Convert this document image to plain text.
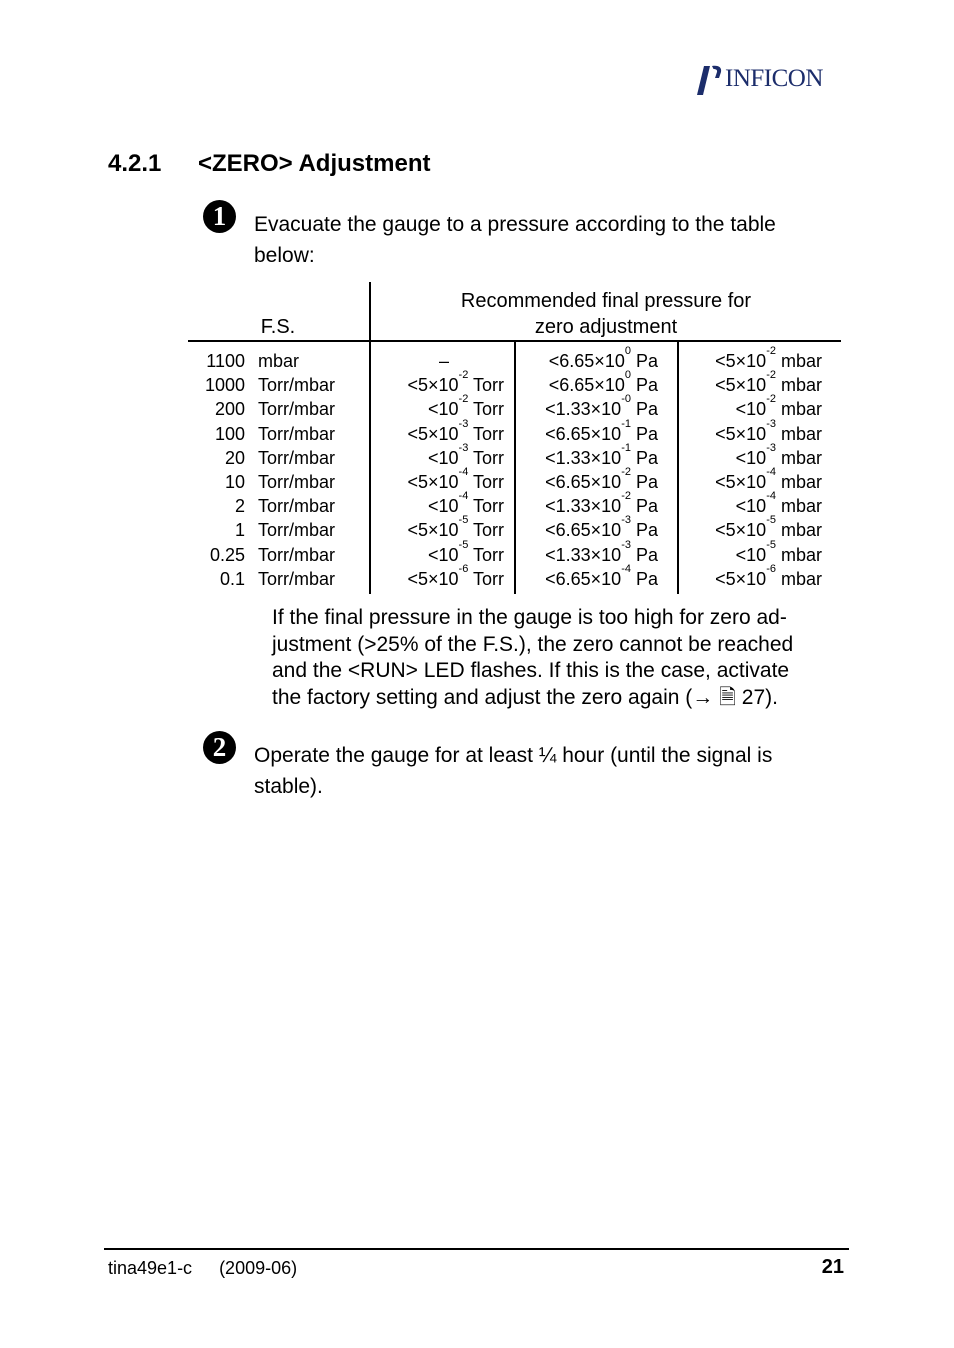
INFICON
4.2.1 <ZERO> Adjustment
1 Evacuate the gauge to a pressure according to the table below:
F.S.
Recommended final pressure for
zero adjustment
1100 mbar	–	$<6.65\times 10^0$ Pa	$<5\times 10^{-2}$ mbar
1000 Torr/mbar	$<5\times 10^{-2}$ Torr	$<6.65\times 10^0$ Pa	$<5\times 10^{-2}$ mbar
200 Torr/mbar	$<10^{-2}$ Torr	$<1.33\times 10^{-0}$ Pa	$<10^{-2}$ mbar
100 Torr/mbar	$<5\times 10^{-3}$ Torr	$<6.65\times 10^{-1}$ Pa	$<5\times 10^{-3}$ mbar
20 Torr/mbar	$<10^{-3}$ Torr	$<1.33\times 10^{-1}$ Pa	$<10^{-3}$ mbar
10 Torr/mbar	$<5\times 10^{-4}$ Torr	$<6.65\times 10^{-2}$ Pa	$<5\times 10^{-4}$ mbar
2 Torr/mbar	$<10^{-4}$ Torr	$<1.33\times 10^{-2}$ Pa	$<10^{-4}$ mbar
1 Torr/mbar	$<5\times 10^{-5}$ Torr	$<6.65\times 10^{-3}$ Pa	$<5\times 10^{-5}$ mbar
0.25 Torr/mbar	$<10^{-5}$ Torr	$<1.33\times 10^{-3}$ Pa	$<10^{-5}$ mbar
0.1 Torr/mbar	$<5\times 10^{-6}$ Torr	$<6.65\times 10^{-4}$ Pa	$<5\times 10^{-6}$ mbar
If the final pressure in the gauge is too high for zero ad-
justment (>25% of the F.S.), the zero cannot be reached
and the <RUN> LED flashes. If this is the case, activate
the factory setting and adjust the zero again (→ 🗎 27).
2 Operate the gauge for at least ¼ hour (until the signal is stable).
tina49e1-c (2009-06)	21
